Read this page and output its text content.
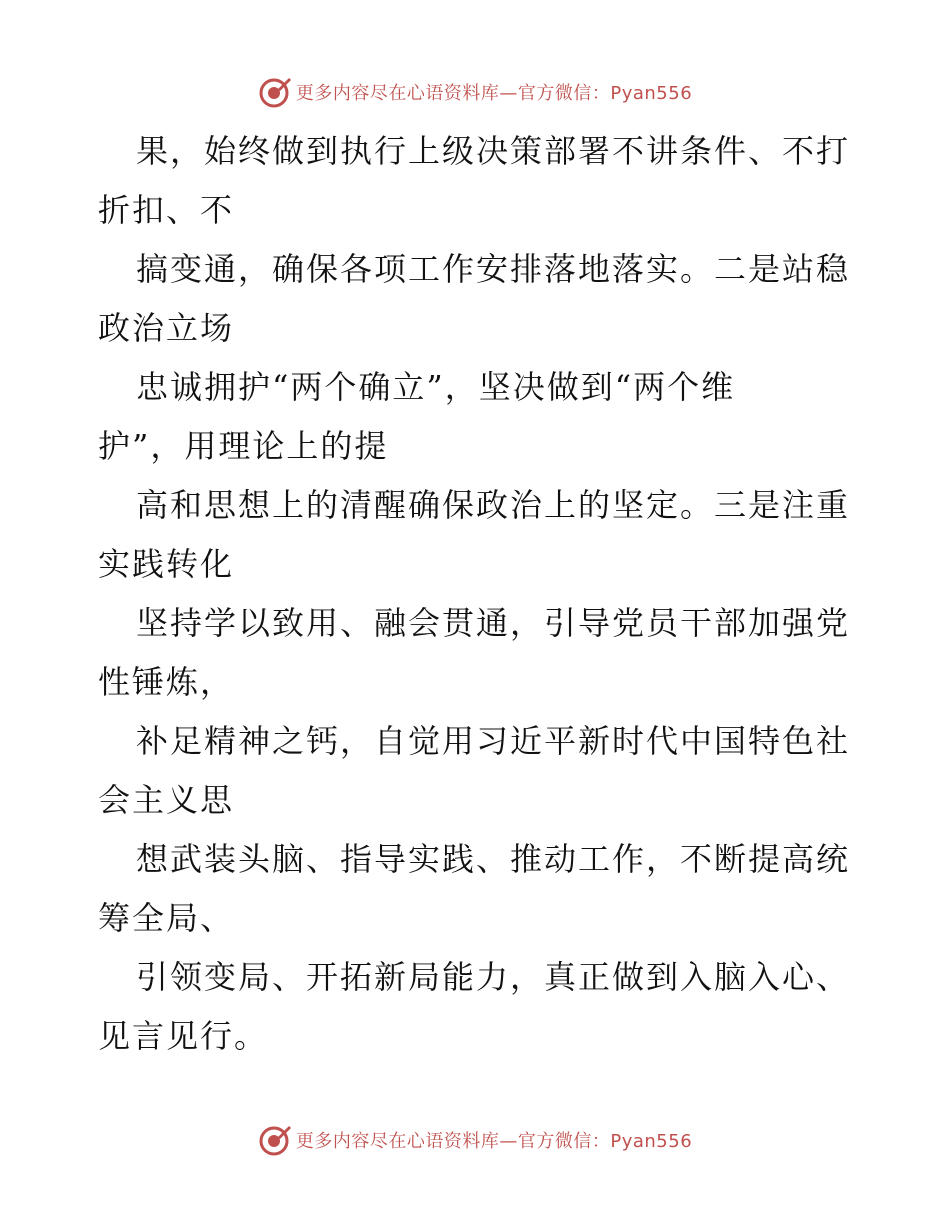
更多内容尽在心语资料库—官方微信：Pyan556
果，始终做到执行上级决策部署不讲条件、不打
折扣、不
搞变通，确保各项工作安排落地落实。二是站稳
政治立场
忠诚拥护“两个确立”，坚决做到“两个维
护”，用理论上的提
高和思想上的清醒确保政治上的坚定。三是注重
实践转化
坚持学以致用、融会贯通，引导党员干部加强党
性锤炼，
补足精神之钙，自觉用习近平新时代中国特色社
会主义思
想武装头脑、指导实践、推动工作，不断提高统
筹全局、
引领变局、开拓新局能力，真正做到入脑入心、
见言见行。
更多内容尽在心语资料库—官方微信：Pyan556
